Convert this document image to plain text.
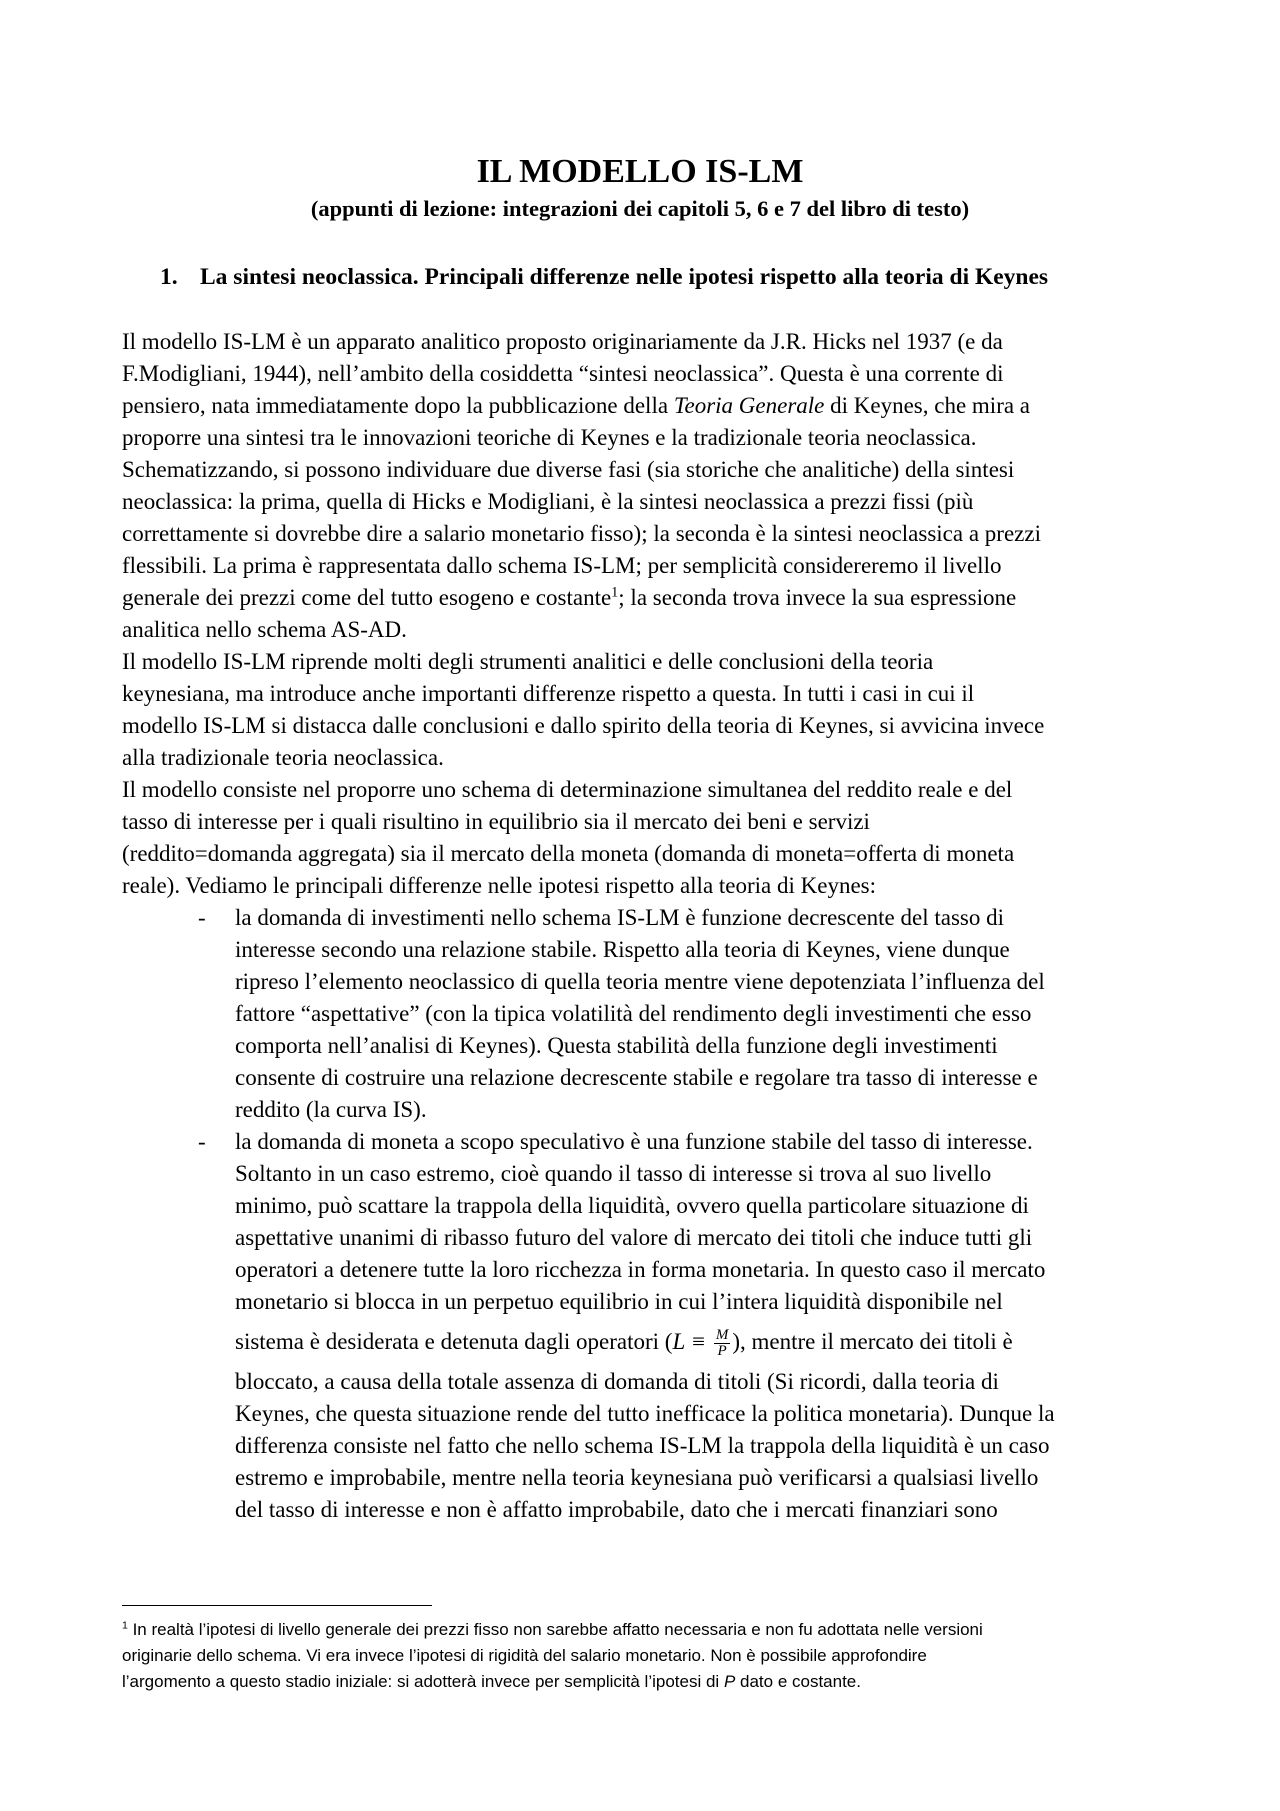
IL MODELLO IS-LM
(appunti di lezione: integrazioni dei capitoli 5, 6 e 7 del libro di testo)
1. La sintesi neoclassica. Principali differenze nelle ipotesi rispetto alla teoria di Keynes
Il modello IS-LM è un apparato analitico proposto originariamente da J.R. Hicks nel 1937 (e da
F.Modigliani, 1944), nell’ambito della cosiddetta “sintesi neoclassica”. Questa è una corrente di
pensiero, nata immediatamente dopo la pubblicazione della Teoria Generale di Keynes, che mira a
proporre una sintesi tra le innovazioni teoriche di Keynes e la tradizionale teoria neoclassica.
Schematizzando, si possono individuare due diverse fasi (sia storiche che analitiche) della sintesi
neoclassica: la prima, quella di Hicks e Modigliani, è la sintesi neoclassica a prezzi fissi (più
correttamente si dovrebbe dire a salario monetario fisso); la seconda è la sintesi neoclassica a prezzi
flessibili. La prima è rappresentata dallo schema IS-LM; per semplicità considereremo il livello
generale dei prezzi come del tutto esogeno e costante$^1$; la seconda trova invece la sua espressione
analitica nello schema AS-AD.
Il modello IS-LM riprende molti degli strumenti analitici e delle conclusioni della teoria
keynesiana, ma introduce anche importanti differenze rispetto a questa. In tutti i casi in cui il
modello IS-LM si distacca dalle conclusioni e dallo spirito della teoria di Keynes, si avvicina invece
alla tradizionale teoria neoclassica.
Il modello consiste nel proporre uno schema di determinazione simultanea del reddito reale e del
tasso di interesse per i quali risultino in equilibrio sia il mercato dei beni e servizi
(reddito=domanda aggregata) sia il mercato della moneta (domanda di moneta=offerta di moneta
reale). Vediamo le principali differenze nelle ipotesi rispetto alla teoria di Keynes:
- la domanda di investimenti nello schema IS-LM è funzione decrescente del tasso di
interesse secondo una relazione stabile. Rispetto alla teoria di Keynes, viene dunque
ripreso l’elemento neoclassico di quella teoria mentre viene depotenziata l’influenza del
fattore “aspettative” (con la tipica volatilità del rendimento degli investimenti che esso
comporta nell’analisi di Keynes). Questa stabilità della funzione degli investimenti
consente di costruire una relazione decrescente stabile e regolare tra tasso di interesse e
reddito (la curva IS).
- la domanda di moneta a scopo speculativo è una funzione stabile del tasso di interesse.
Soltanto in un caso estremo, cioè quando il tasso di interesse si trova al suo livello
minimo, può scattare la trappola della liquidità, ovvero quella particolare situazione di
aspettative unanimi di ribasso futuro del valore di mercato dei titoli che induce tutti gli
operatori a detenere tutte la loro ricchezza in forma monetaria. In questo caso il mercato
monetario si blocca in un perpetuo equilibrio in cui l’intera liquidità disponibile nel
sistema è desiderata e detenuta dagli operatori ($L \equiv \frac{M}{P}$ ), mentre il mercato dei titoli è
bloccato, a causa della totale assenza di domanda di titoli (Si ricordi, dalla teoria di
Keynes, che questa situazione rende del tutto inefficace la politica monetaria). Dunque la
differenza consiste nel fatto che nello schema IS-LM la trappola della liquidità è un caso
estremo e improbabile, mentre nella teoria keynesiana può verificarsi a qualsiasi livello
del tasso di interesse e non è affatto improbabile, dato che i mercati finanziari sono
$^1$ In realtà l’ipotesi di livello generale dei prezzi fisso non sarebbe affatto necessaria e non fu adottata nelle versioni
originarie dello schema. Vi era invece l’ipotesi di rigidità del salario monetario. Non è possibile approfondire
l’argomento a questo stadio iniziale: si adotterà invece per semplicità l’ipotesi di P dato e costante.
